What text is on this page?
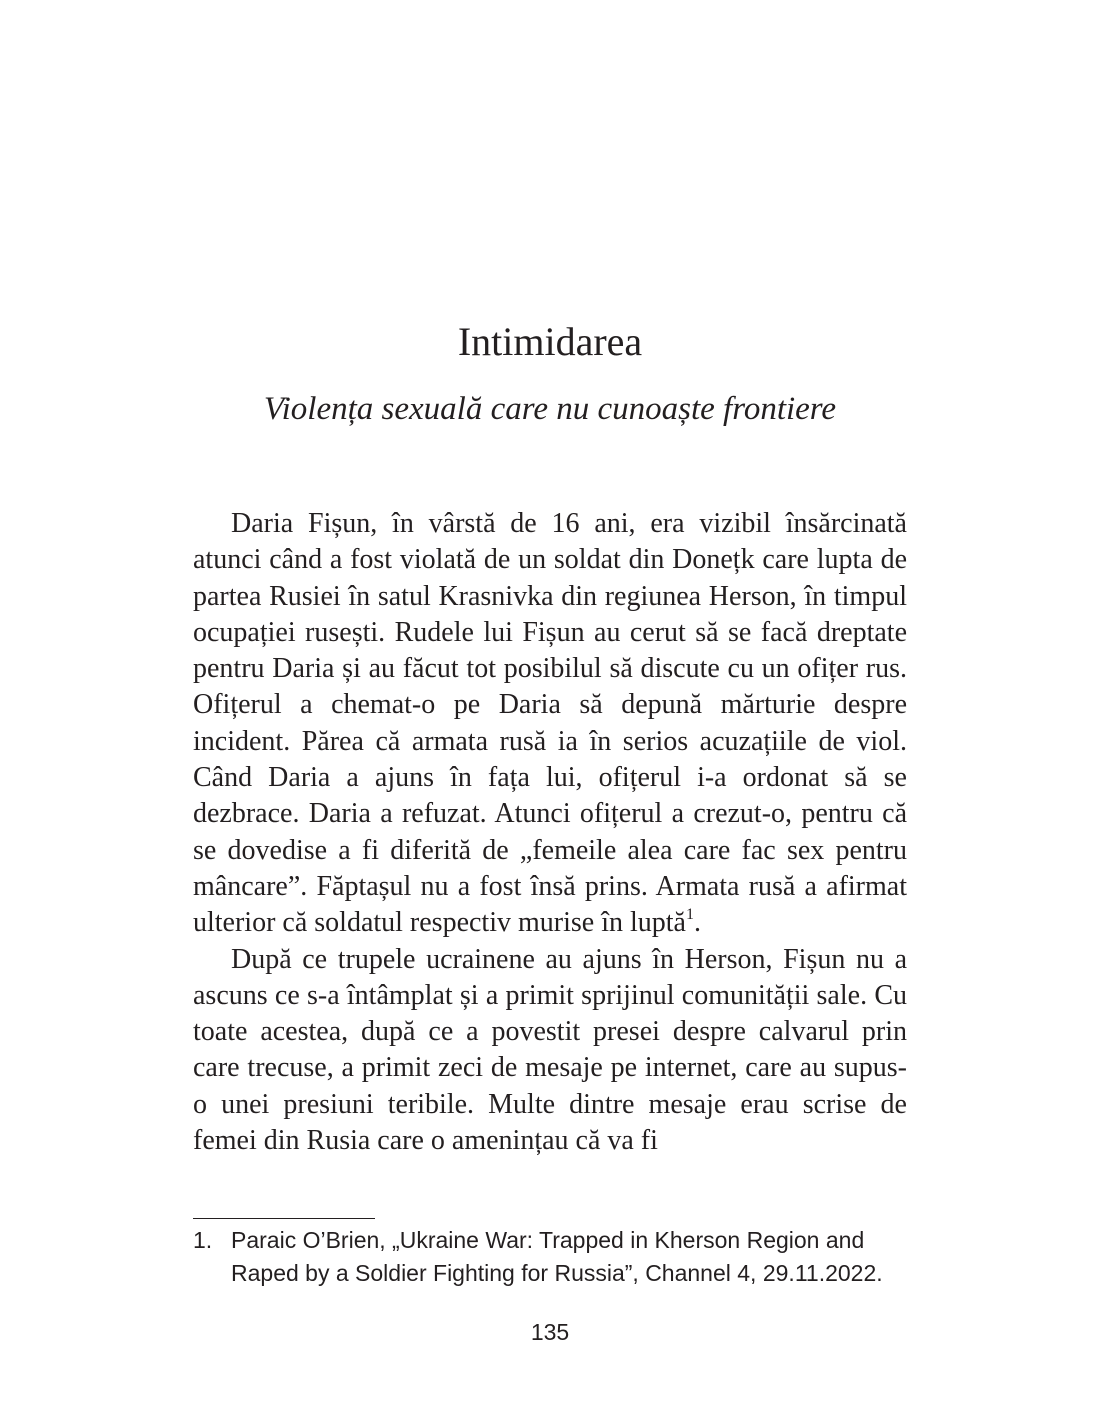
Intimidarea
Violența sexuală care nu cunoaște frontiere

Daria Fișun, în vârstă de 16 ani, era vizibil însărcinată atunci când a fost violată de un soldat din Donețk care lupta de partea Rusiei în satul Krasnivka din regiunea Herson, în timpul ocupației rusești. Rudele lui Fișun au cerut să se facă dreptate pentru Daria și au făcut tot posibilul să discute cu un ofițer rus. Ofițerul a chemat-o pe Daria să depună mărturie despre incident. Părea că armata rusă ia în serios acuzațiile de viol. Când Daria a ajuns în fața lui, ofițerul i-a ordonat să se dezbrace. Daria a refuzat. Atunci ofițerul a crezut-o, pentru că se dovedise a fi diferită de „femeile alea care fac sex pentru mâncare”. Făptașul nu a fost însă prins. Armata rusă a afirmat ulterior că soldatul respectiv murise în luptă$^1$.

După ce trupele ucrainene au ajuns în Herson, Fișun nu a ascuns ce s-a întâmplat și a primit sprijinul comunității sale. Cu toate acestea, după ce a povestit presei despre calvarul prin care trecuse, a primit zeci de mesaje pe internet, care au supus-o unei presiuni teribile. Multe dintre mesaje erau scrise de femei din Rusia care o amenințau că va fi

1. Paraic O’Brien, „Ukraine War: Trapped in Kherson Region and Raped by a Soldier Fighting for Russia”, Channel 4, 29.11.2022.
135
